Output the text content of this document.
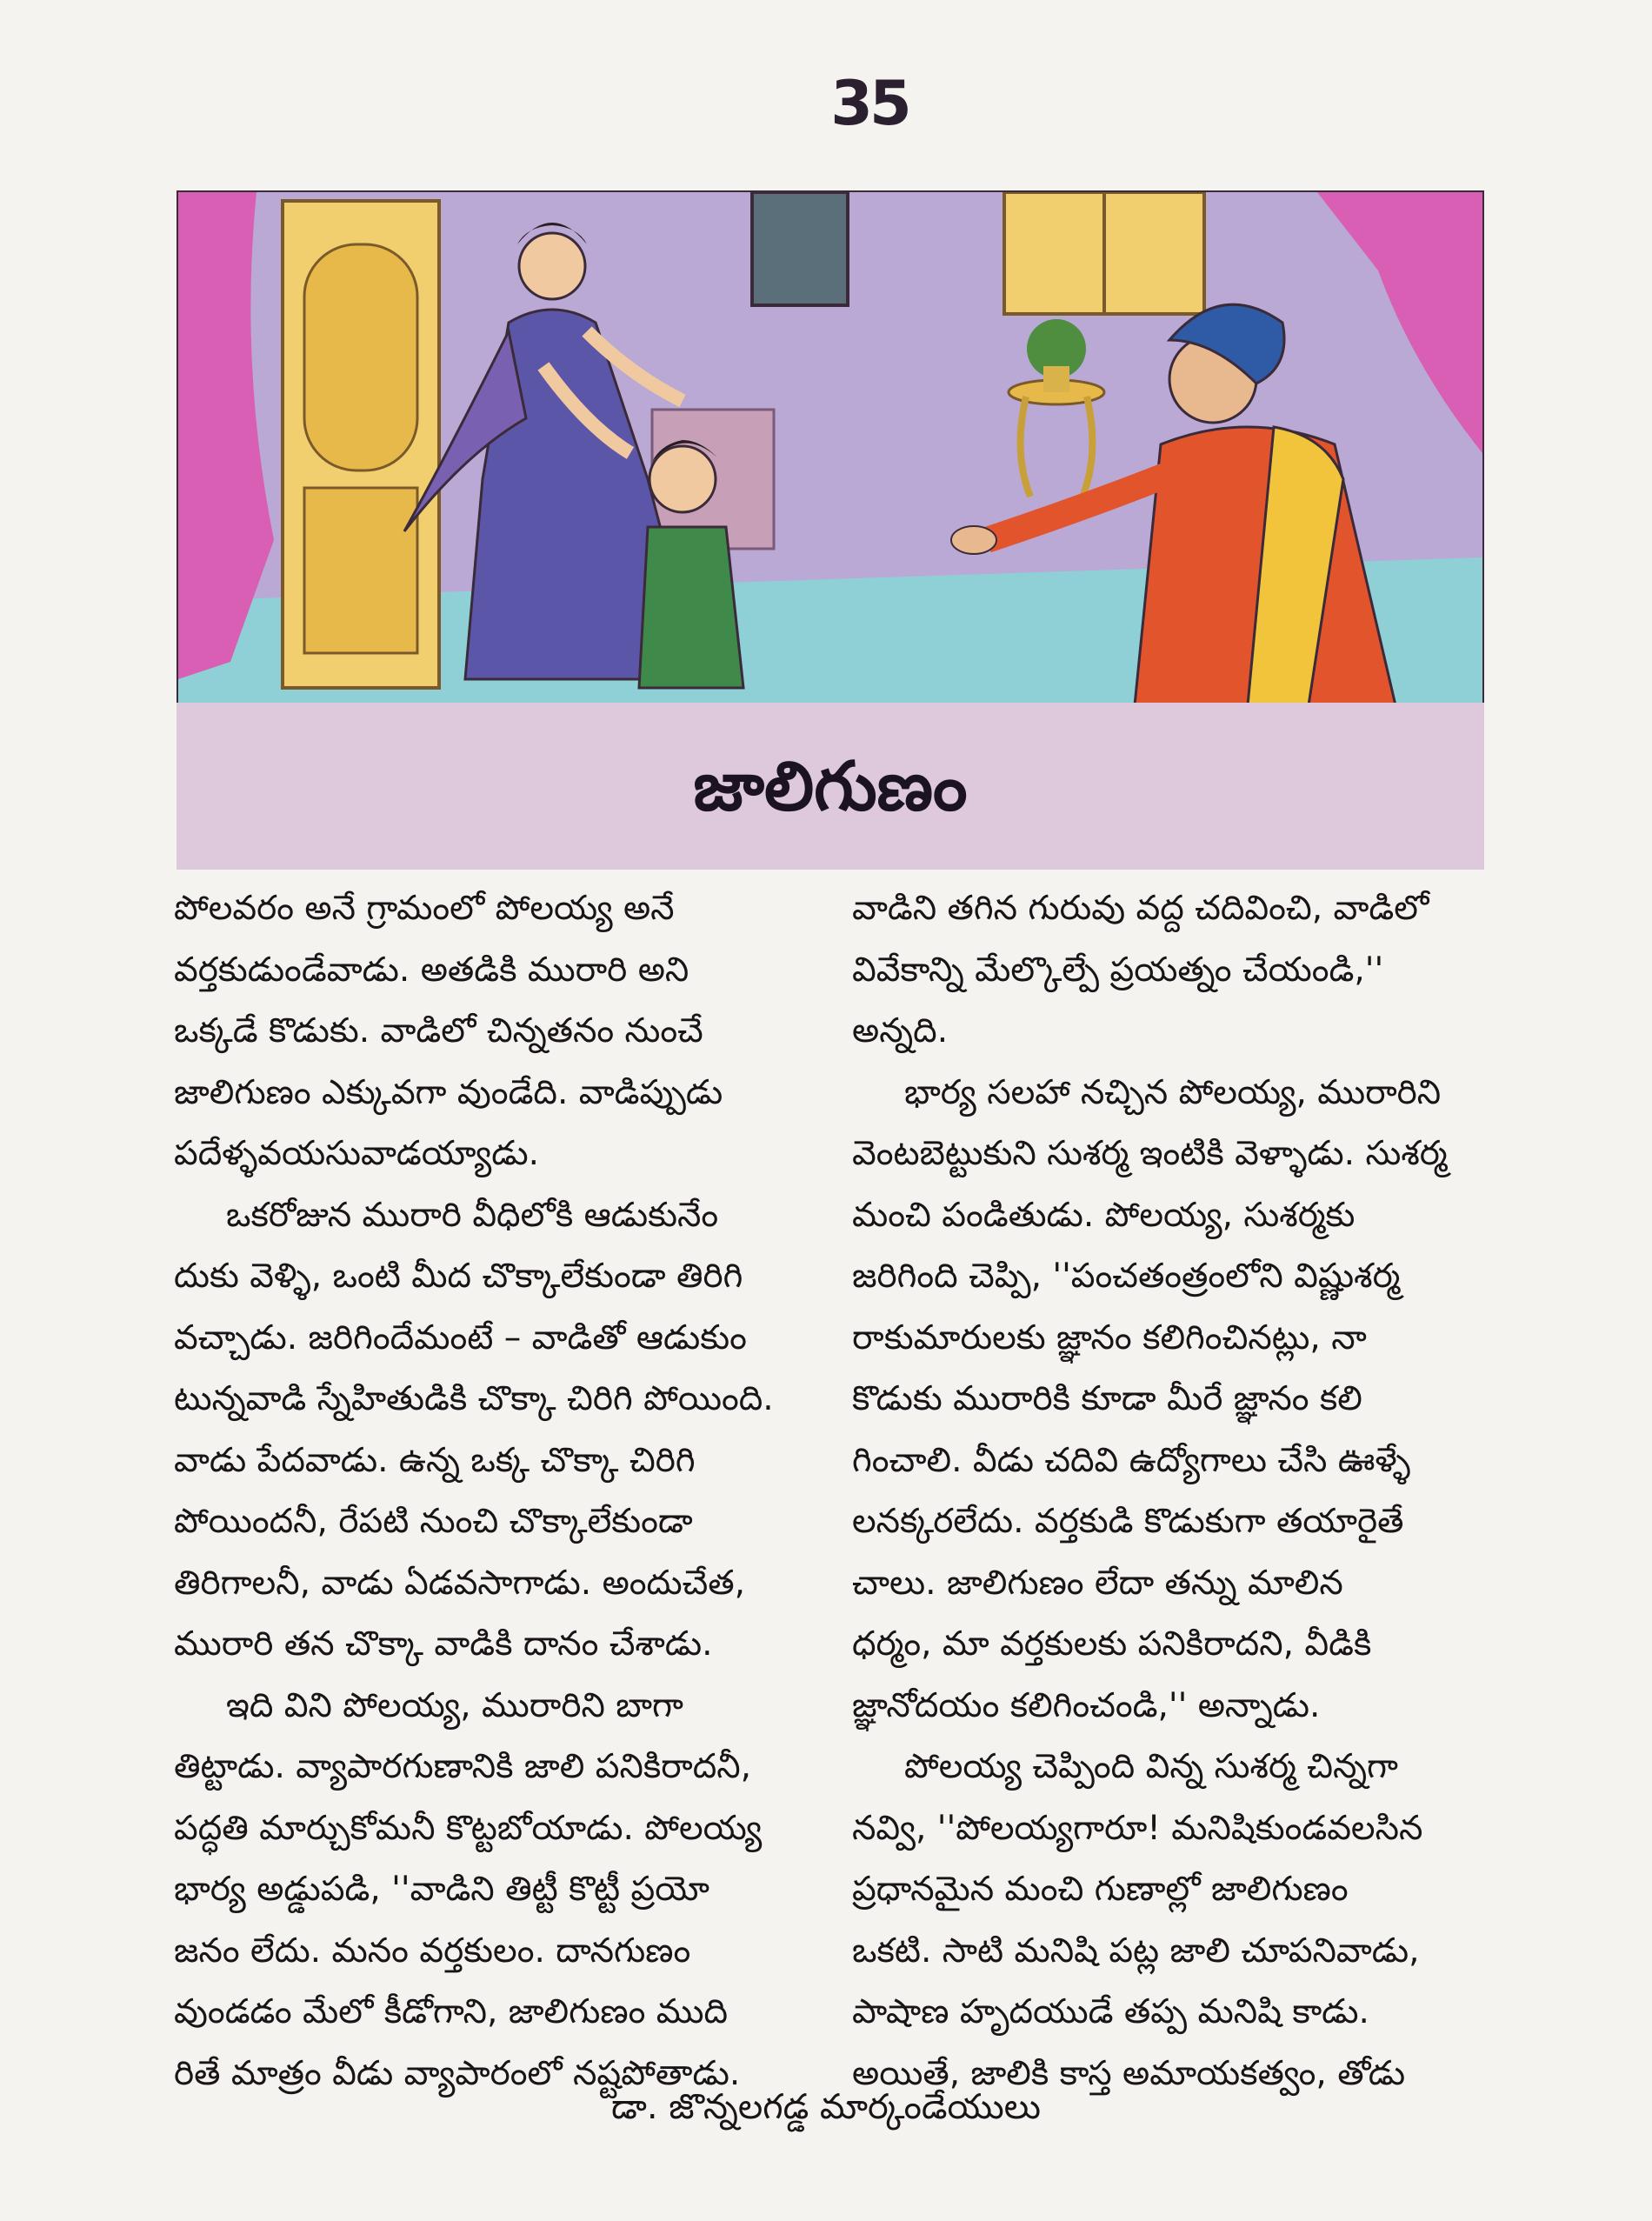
35
జాలిగుణం
పోలవరం అనే గ్రామంలో పోలయ్య అనే
వర్తకుడుండేవాడు. అతడికి మురారి అని
ఒక్కడే కొడుకు. వాడిలో చిన్నతనం నుంచే
జాలిగుణం ఎక్కువగా వుండేది. వాడిప్పుడు
పదేళ్ళవయసువాడయ్యాడు.
ఒకరోజున మురారి వీధిలోకి ఆడుకునేం
దుకు వెళ్ళి, ఒంటి మీద చొక్కాలేకుండా తిరిగి
వచ్చాడు. జరిగిందేమంటే – వాడితో ఆడుకుం
టున్నవాడి స్నేహితుడికి చొక్కా చిరిగి పోయింది.
వాడు పేదవాడు. ఉన్న ఒక్క చొక్కా చిరిగి
పోయిందనీ, రేపటి నుంచి చొక్కాలేకుండా
తిరిగాలనీ, వాడు ఏడవసాగాడు. అందుచేత,
మురారి తన చొక్కా వాడికి దానం చేశాడు.
ఇది విని పోలయ్య, మురారిని బాగా
తిట్టాడు. వ్యాపారగుణానికి జాలి పనికిరాదనీ,
పద్ధతి మార్చుకోమనీ కొట్టబోయాడు. పోలయ్య
భార్య అడ్డుపడి, ''వాడిని తిట్టీ కొట్టీ ప్రయో
జనం లేదు. మనం వర్తకులం. దానగుణం
వుండడం మేలో కీడోగాని, జాలిగుణం ముది
రితే మాత్రం వీడు వ్యాపారంలో నష్టపోతాడు.
వాడిని తగిన గురువు వద్ద చదివించి, వాడిలో
వివేకాన్ని మేల్కొల్పే ప్రయత్నం చేయండి,''
అన్నది.
భార్య సలహా నచ్చిన పోలయ్య, మురారిని
వెంటబెట్టుకుని సుశర్మ ఇంటికి వెళ్ళాడు. సుశర్మ
మంచి పండితుడు. పోలయ్య, సుశర్మకు
జరిగింది చెప్పి, ''పంచతంత్రంలోని విష్ణుశర్మ
రాకుమారులకు జ్ఞానం కలిగించినట్లు, నా
కొడుకు మురారికి కూడా మీరే జ్ఞానం కలి
గించాలి. వీడు చదివి ఉద్యోగాలు చేసి ఊళ్ళే
లనక్కరలేదు. వర్తకుడి కొడుకుగా తయారైతే
చాలు. జాలిగుణం లేదా తన్ను మాలిన
ధర్మం, మా వర్తకులకు పనికిరాదని, వీడికి
జ్ఞానోదయం కలిగించండి,'' అన్నాడు.
పోలయ్య చెప్పింది విన్న సుశర్మ చిన్నగా
నవ్వి, ''పోలయ్యగారూ! మనిషికుండవలసిన
ప్రధానమైన మంచి గుణాల్లో జాలిగుణం
ఒకటి. సాటి మనిషి పట్ల జాలి చూపనివాడు,
పాషాణ హృదయుడే తప్ప మనిషి కాడు.
అయితే, జాలికి కాస్త అమాయకత్వం, తోడు
డా. జొన్నలగడ్డ మార్కండేయులు
